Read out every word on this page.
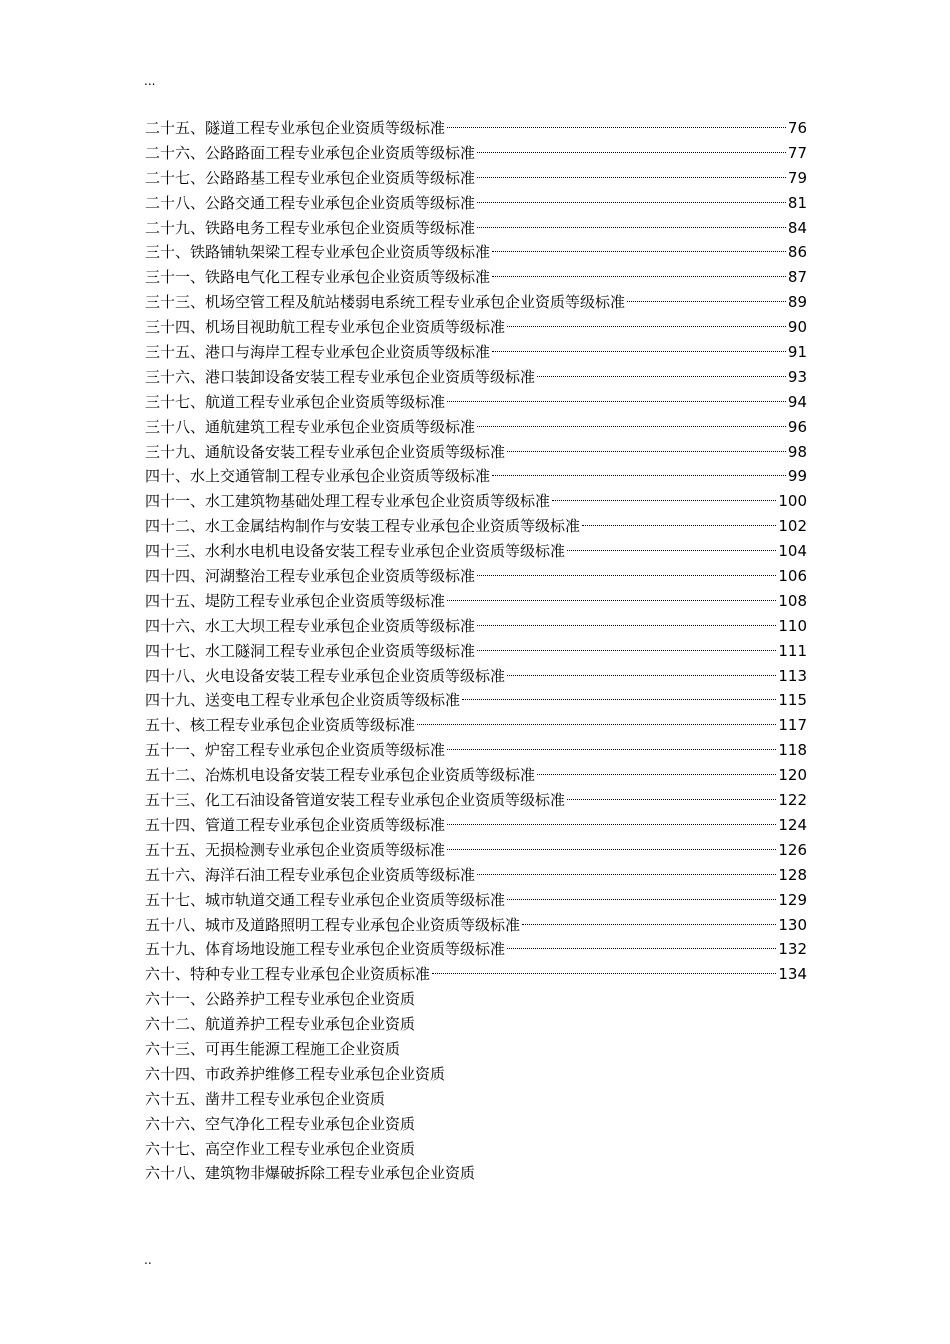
...
二十五、隧道工程专业承包企业资质等级标准	76
二十六、公路路面工程专业承包企业资质等级标准	77
二十七、公路路基工程专业承包企业资质等级标准	79
二十八、公路交通工程专业承包企业资质等级标准	81
二十九、铁路电务工程专业承包企业资质等级标准	84
三十、铁路铺轨架梁工程专业承包企业资质等级标准	86
三十一、铁路电气化工程专业承包企业资质等级标准	87
三十三、机场空管工程及航站楼弱电系统工程专业承包企业资质等级标准	89
三十四、机场目视助航工程专业承包企业资质等级标准	90
三十五、港口与海岸工程专业承包企业资质等级标准	91
三十六、港口装卸设备安装工程专业承包企业资质等级标准	93
三十七、航道工程专业承包企业资质等级标准	94
三十八、通航建筑工程专业承包企业资质等级标准	96
三十九、通航设备安装工程专业承包企业资质等级标准	98
四十、水上交通管制工程专业承包企业资质等级标准	99
四十一、水工建筑物基础处理工程专业承包企业资质等级标准	100
四十二、水工金属结构制作与安装工程专业承包企业资质等级标准	102
四十三、水利水电机电设备安装工程专业承包企业资质等级标准	104
四十四、河湖整治工程专业承包企业资质等级标准	106
四十五、堤防工程专业承包企业资质等级标准	108
四十六、水工大坝工程专业承包企业资质等级标准	110
四十七、水工隧洞工程专业承包企业资质等级标准	111
四十八、火电设备安装工程专业承包企业资质等级标准	113
四十九、送变电工程专业承包企业资质等级标准	115
五十、核工程专业承包企业资质等级标准	117
五十一、炉窑工程专业承包企业资质等级标准	118
五十二、冶炼机电设备安装工程专业承包企业资质等级标准	120
五十三、化工石油设备管道安装工程专业承包企业资质等级标准	122
五十四、管道工程专业承包企业资质等级标准	124
五十五、无损检测专业承包企业资质等级标准	126
五十六、海洋石油工程专业承包企业资质等级标准	128
五十七、城市轨道交通工程专业承包企业资质等级标准	129
五十八、城市及道路照明工程专业承包企业资质等级标准	130
五十九、体育场地设施工程专业承包企业资质等级标准	132
六十、特种专业工程专业承包企业资质标准	134
六十一、公路养护工程专业承包企业资质
六十二、航道养护工程专业承包企业资质
六十三、可再生能源工程施工企业资质
六十四、市政养护维修工程专业承包企业资质
六十五、凿井工程专业承包企业资质
六十六、空气净化工程专业承包企业资质
六十七、高空作业工程专业承包企业资质
六十八、建筑物非爆破拆除工程专业承包企业资质
..
